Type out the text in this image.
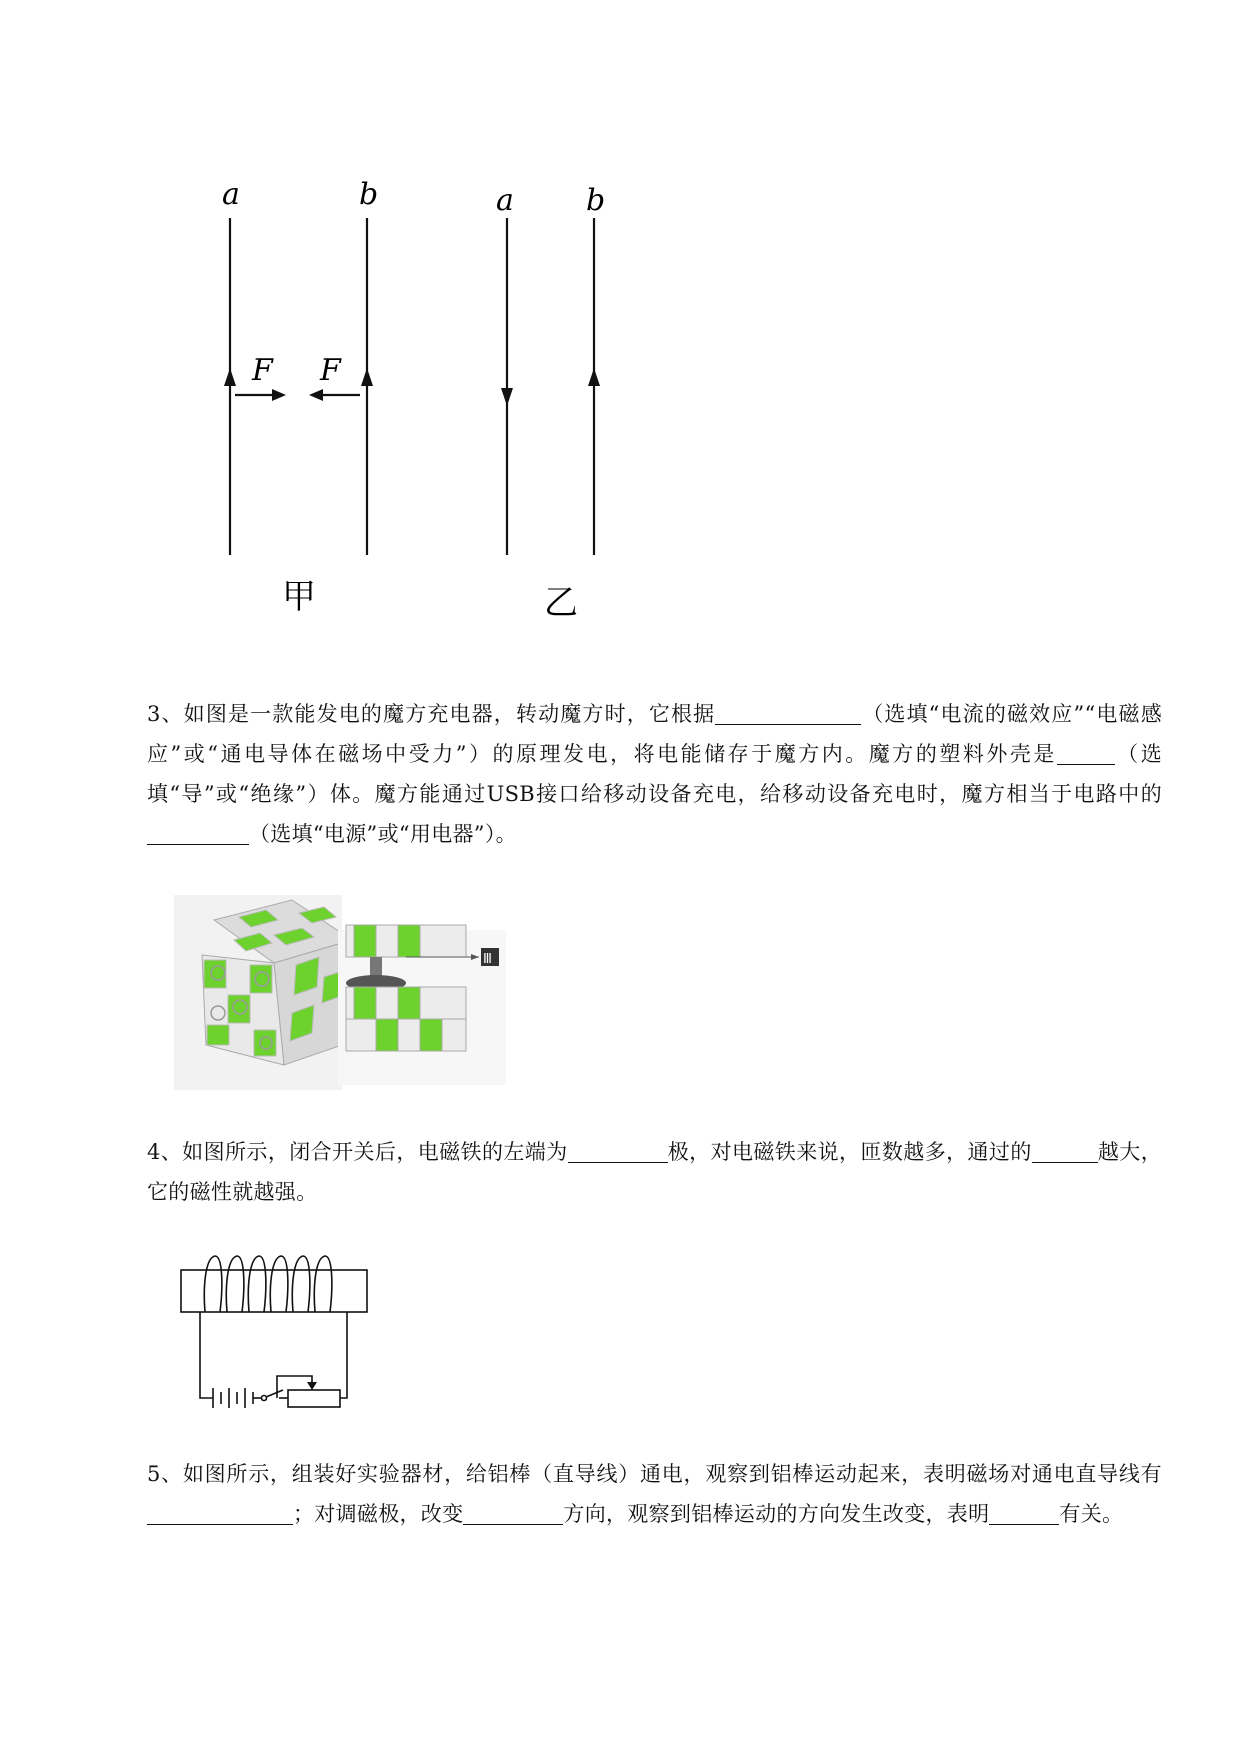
a	b	a b
F F
甲	乙
3、如图是一款能发电的魔方充电器，转动魔方时，它根据	（选填“电流的磁效应”“电磁感应”或“通电导体在磁场中受力”）的原理发电，将电能储存于魔方内。魔方的塑料外壳是	（选填“导”或“绝缘”）体。魔方能通过USB接口给移动设备充电，给移动设备充电时，魔方相当于电路中的（选填“电源”或“用电器”）。
Ⅲ
4、如图所示，闭合开关后，电磁铁的左端为	极，对电磁铁来说，匝数越多，通过的	越大，它的磁性就越强。
5、如图所示，组装好实验器材，给铝棒（直导线）通电，观察到铝棒运动起来，表明磁场对通电直导线有；对调磁极，改变	方向，观察到铝棒运动的方向发生改变，表明	有关。
